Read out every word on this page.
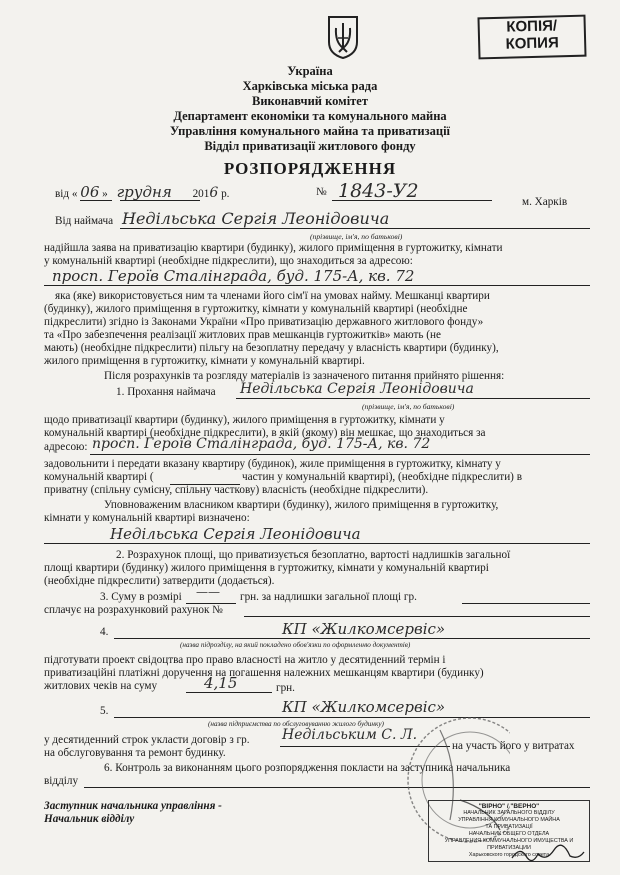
КОПІЯ/
КОПИЯ
Україна
Харківська міська рада
Виконавчий комітет
Департамент економіки та комунального майна
Управління комунального майна та приватизації
Відділ приватизації житлового фонду
РОЗПОРЯДЖЕННЯ
від « 06 » грудня 2016 р.	№ 1843-У2	м. Харків
Від наймача Недільська Сергія Леонідовича
(прізвище, ім'я, по батькові)
надійшла заява на приватизацію квартири (будинку), жилого приміщення в гуртожитку, кімнати
у комунальній квартирі (необхідне підкреслити), що знаходиться за адресою:
просп. Героїв Сталінграда, буд. 175-А, кв. 72
яка (яке) використовується ним та членами його сім'ї на умовах найму. Мешканці квартири
(будинку), жилого приміщення в гуртожитку, кімнати у комунальній квартирі (необхідне
підкреслити) згідно із Законами України «Про приватизацію державного житлового фонду»
та «Про забезпечення реалізації житлових прав мешканців гуртожитків» мають (не
мають) (необхідне підкреслити) пільгу на безоплатну передачу у власність квартири (будинку),
жилого приміщення в гуртожитку, кімнати у комунальній квартирі.
Після розрахунків та розгляду матеріалів із зазначеного питання прийнято рішення:
1. Прохання наймача Недільська Сергія Леонідовича
(прізвище, ім'я, по батькові)
щодо приватизації квартири (будинку), жилого приміщення в гуртожитку, кімнати у
комунальній квартирі (необхідне підкреслити), в якій (якому) він мешкає, що знаходиться за
адресою: просп. Героїв Сталінграда, буд. 175-А, кв. 72
задовольнити і передати вказану квартиру (будинок), жиле приміщення в гуртожитку, кімнату у
комунальній квартирі (	частин у комунальній квартирі), (необхідне підкреслити) в
приватну (спільну сумісну, спільну часткову) власність (необхідне підкреслити).
Уповноваженим власником квартири (будинку), жилого приміщення в гуртожитку,
кімнати у комунальній квартирі визначено:
Недільська Сергія Леонідовича
2. Розрахунок площі, що приватизується безоплатно, вартості надлишків загальної
площі квартири (будинку) жилого приміщення в гуртожитку, кімнати у комунальній квартирі
(необхідне підкреслити) затвердити (додається).
3. Суму в розмірі —— грн. за надлишки загальної площі гр.
сплачує на розрахунковий рахунок №
4.	КП «Жилкомсервіс»
(назва підрозділу, на який покладено обов'язки по оформленню документів)
підготувати проект свідоцтва про право власності на житло у десятиденний термін і
приватизаційні платіжні доручення на погашення належних мешканцям квартири (будинку)
житлових чеків на суму	4,15	грн.
5.	КП «Жилкомсервіс»
(назва підприємства по обслуговуванню жилого будинку)
у десятиденний строк укласти договір з гр. Недільським С. Л.
на участь його у витратах
на обслуговування та ремонт будинку.
6. Контроль за виконанням цього розпорядження покласти на заступника начальника
відділу
Заступник начальника управління -
Начальник відділу
"ВІРНО" / "ВЕРНО"
НАЧАЛЬНИК ЗАГАЛЬНОГО ВІДДІЛУ
УПРАВЛІННЯ КОМУНАЛЬНОГО МАЙНА
ТА ПРИВАТИЗАЦІЇ
НАЧАЛЬНИК ОБЩЕГО ОТДЕЛА
УПРАВЛЕНИЯ КОММУНАЛЬНОГО ИМУЩЕСТВА И ПРИВАТИЗАЦИИ
Харьковского городского совета
